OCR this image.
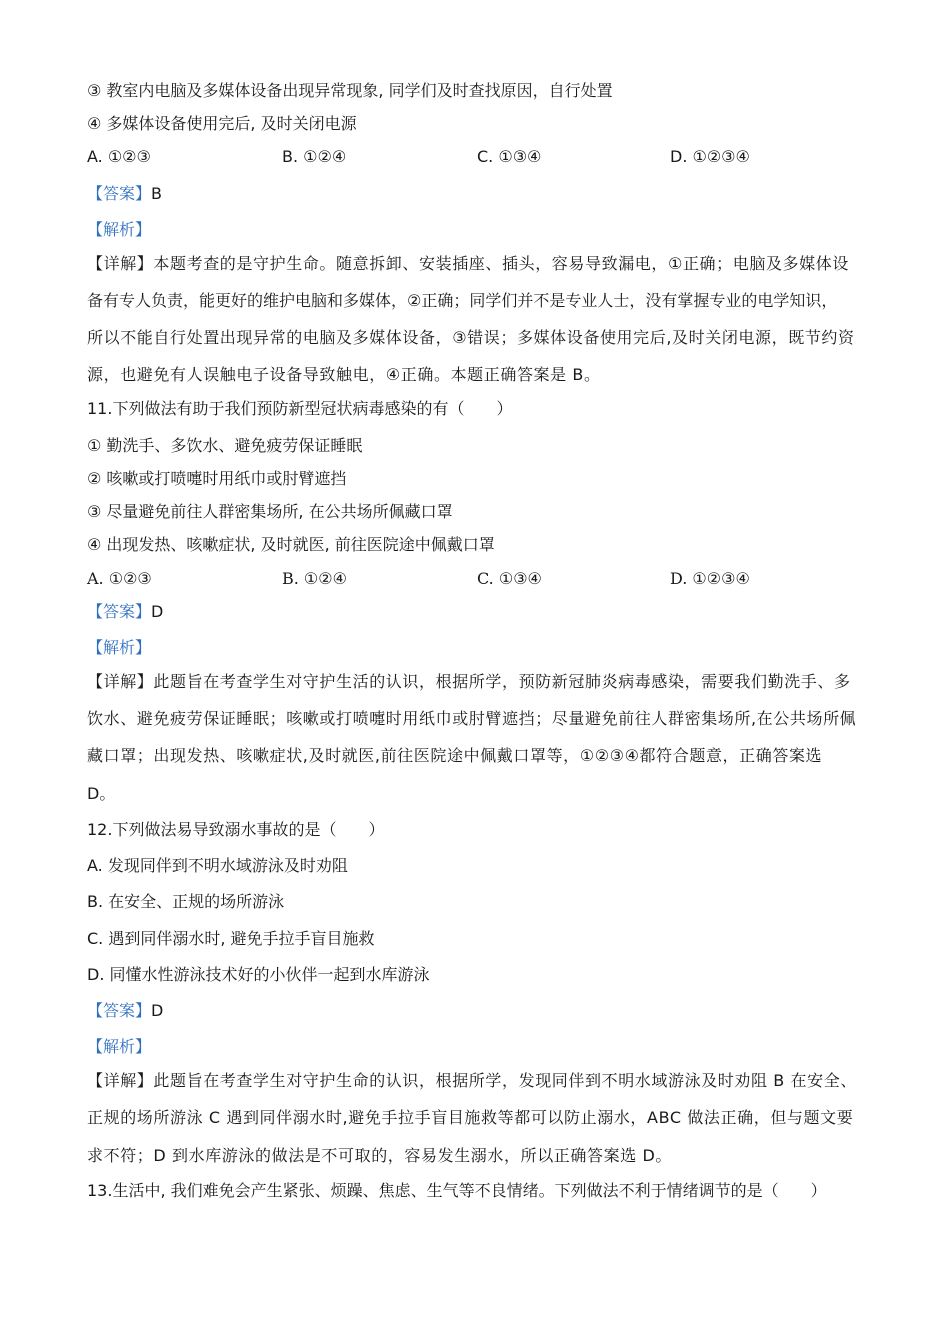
③ 教室内电脑及多媒体设备出现异常现象, 同学们及时查找原因，自行处置
④ 多媒体设备使用完后, 及时关闭电源
A. ①②③	B. ①②④	C. ①③④	D. ①②③④
【答案】B
【解析】
【详解】本题考查的是守护生命。随意拆卸、安装插座、插头，容易导致漏电，①正确；电脑及多媒体设
备有专人负责，能更好的维护电脑和多媒体，②正确；同学们并不是专业人士，没有掌握专业的电学知识，
所以不能自行处置出现异常的电脑及多媒体设备，③错误；多媒体设备使用完后,及时关闭电源，既节约资
源，也避免有人误触电子设备导致触电，④正确。本题正确答案是 B。
11.下列做法有助于我们预防新型冠状病毒感染的有（　　）
① 勤洗手、多饮水、避免疲劳保证睡眠
② 咳嗽或打喷嚏时用纸巾或肘臂遮挡
③ 尽量避免前往人群密集场所, 在公共场所佩藏口罩
④ 出现发热、咳嗽症状, 及时就医, 前往医院途中佩戴口罩
A. ①②③	B. ①②④	C. ①③④	D. ①②③④
【答案】D
【解析】
【详解】此题旨在考查学生对守护生活的认识，根据所学，预防新冠肺炎病毒感染，需要我们勤洗手、多
饮水、避免疲劳保证睡眠；咳嗽或打喷嚏时用纸巾或肘臂遮挡；尽量避免前往人群密集场所,在公共场所佩
藏口罩；出现发热、咳嗽症状,及时就医,前往医院途中佩戴口罩等，①②③④都符合题意，正确答案选
D。
12.下列做法易导致溺水事故的是（　　）
A. 发现同伴到不明水域游泳及时劝阻
B. 在安全、正规的场所游泳
C. 遇到同伴溺水时, 避免手拉手盲目施救
D. 同懂水性游泳技术好的小伙伴一起到水库游泳
【答案】D
【解析】
【详解】此题旨在考查学生对守护生命的认识，根据所学，发现同伴到不明水域游泳及时劝阻 B 在安全、
正规的场所游泳 C 遇到同伴溺水时,避免手拉手盲目施救等都可以防止溺水，ABC 做法正确，但与题文要
求不符；D 到水库游泳的做法是不可取的，容易发生溺水，所以正确答案选 D。
13.生活中, 我们难免会产生紧张、烦躁、焦虑、生气等不良情绪。下列做法不利于情绪调节的是（　　）
